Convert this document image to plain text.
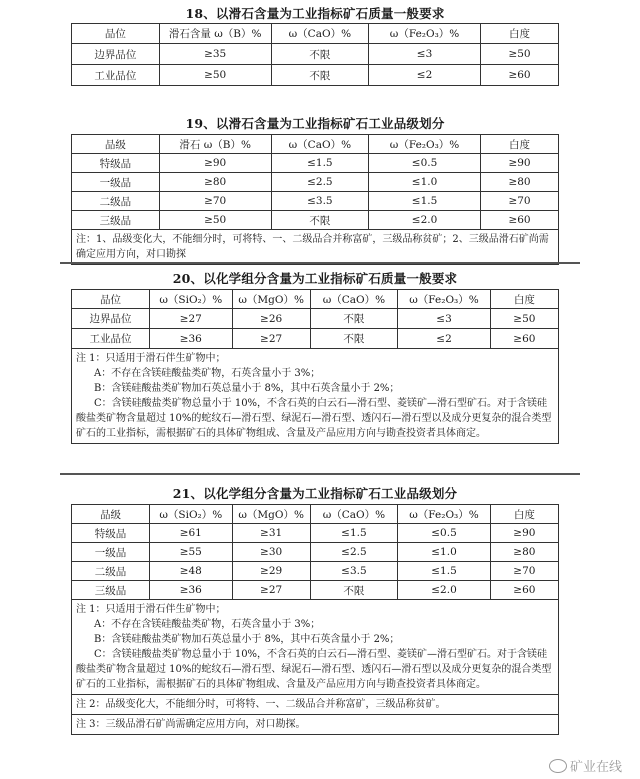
18、以滑石含量为工业指标矿石质量一般要求
品位	滑石含量 ω（B）%	ω（CaO）%	ω（Fe₂O₃）%	白度
边界品位	≥35	不限	≤3	≥50
工业品位	≥50	不限	≤2	≥60
19、以滑石含量为工业指标矿石工业品级划分
品级	滑石 ω（B）%	ω（CaO）%	ω（Fe₂O₃）%	白度
特级品	≥90	≤1.5	≤0.5	≥90
一级品	≥80	≤2.5	≤1.0	≥80
二级品	≥70	≤3.5	≤1.5	≥70
三级品	≥50	不限	≤2.0	≥60
注：1、品级变化大，不能细分时，可将特、一、二级品合并称富矿，三级品称贫矿；2、三级品滑石矿尚需确定应用方向，对口勘探				
20、以化学组分含量为工业指标矿石质量一般要求
品位	ω（SiO₂）%	ω（MgO）%	ω（CaO）%	ω（Fe₂O₃）%	白度
边界品位	≥27	≥26	不限	≤3	≥50
工业品位	≥36	≥27	不限	≤2	≥60

注 1：只适用于滑石伴生矿物中；

A：不存在含镁硅酸盐类矿物，石英含量小于 3%；

B：含镁硅酸盐类矿物加石英总量小于 8%，其中石英含量小于 2%；

C：含镁硅酸盐类矿物总量小于 10%，不含石英的白云石—滑石型、菱镁矿—滑石型矿石。对于含镁硅酸盐类矿物含量超过 10%的蛇纹石—滑石型、绿泥石—滑石型、透闪石—滑石型以及成分更复杂的混合类型矿石的工业指标，需根据矿石的具体矿物组成、含量及产品应用方向与勘查投资者具体商定。					

21、以化学组分含量为工业指标矿石工业品级划分
品级	ω（SiO₂）%	ω（MgO）%	ω（CaO）%	ω（Fe₂O₃）%	白度
特级品	≥61	≥31	≤1.5	≤0.5	≥90
一级品	≥55	≥30	≤2.5	≤1.0	≥80
二级品	≥48	≥29	≤3.5	≤1.5	≥70
三级品	≥36	≥27	不限	≤2.0	≥60

注 1：只适用于滑石伴生矿物中；

A：不存在含镁硅酸盐类矿物，石英含量小于 3%；

B：含镁硅酸盐类矿物加石英总量小于 8%，其中石英含量小于 2%；

C：含镁硅酸盐类矿物总量小于 10%，不含石英的白云石—滑石型、菱镁矿—滑石型矿石。对于含镁硅酸盐类矿物含量超过 10%的蛇纹石—滑石型、绿泥石—滑石型、透闪石—滑石型以及成分更复杂的混合类型矿石的工业指标，需根据矿石的具体矿物组成、含量及产品应用方向与勘查投资者具体商定。					

注 2：品级变化大，不能细分时，可将特、一、二级品合并称富矿，三级品称贫矿。					
注 3：三级品滑石矿尚需确定应用方向，对口勘探。					
矿业在线
